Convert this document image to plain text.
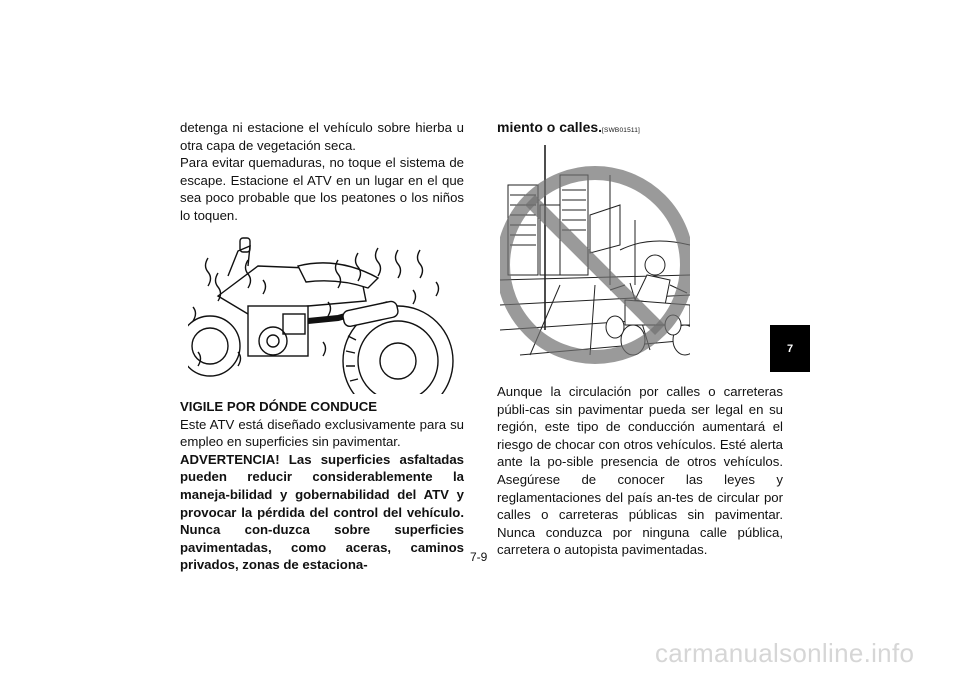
detenga ni estacione el vehículo sobre hierba u otra capa de vegetación seca.

Para evitar quemaduras, no toque el sistema de escape. Estacione el ATV en un lugar en el que sea poco probable que los peatones o los niños lo toquen.

VIGILE POR DÓNDE CONDUCE

Este ATV está diseñado exclusivamente para su empleo en superficies sin pavimentar.

ADVERTENCIA! Las superficies asfaltadas pueden reducir considerablemente la maneja-bilidad y gobernabilidad del ATV y provocar la pérdida del control del vehículo. Nunca con-duzca sobre superficies pavimentadas, como aceras, caminos privados, zonas de estaciona-

miento o calles.[SWB01511]

Aunque la circulación por calles o carreteras públi-cas sin pavimentar pueda ser legal en su región, este tipo de conducción aumentará el riesgo de chocar con otros vehículos. Esté alerta ante la po-sible presencia de otros vehículos. Asegúrese de conocer las leyes y reglamentaciones del país an-tes de circular por calles o carreteras públicas sin pavimentar. Nunca conduzca por ninguna calle pública, carretera o autopista pavimentadas.

7-9
7
carmanualsonline.info
